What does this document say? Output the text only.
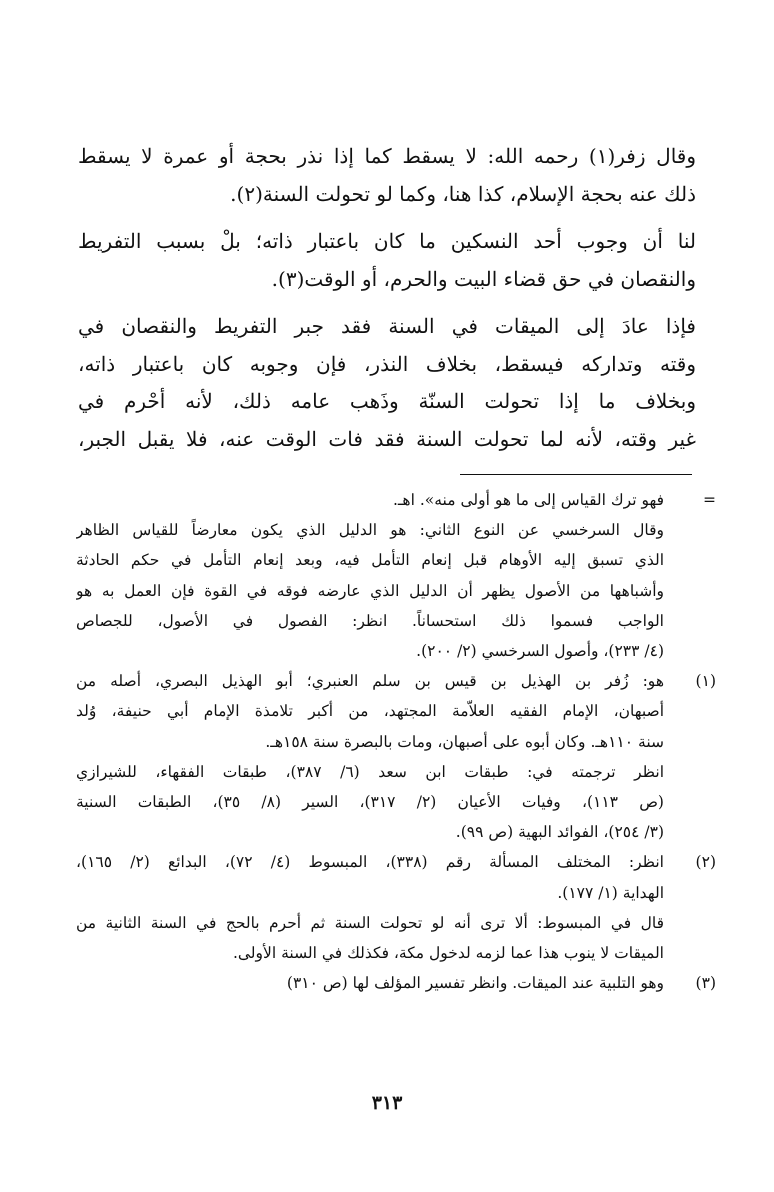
وقال زفر(١) رحمه الله: لا يسقط كما إذا نذر بحجة أو عمرة لا يسقط
ذلك عنه بحجة الإسلام، كذا هنا، وكما لو تحولت السنة(٢).

لنا أن وجوب أحد النسكين ما كان باعتبار ذاته؛ بلْ بسبب التفريط
والنقصان في حق قضاء البيت والحرم، أو الوقت(٣).

فإذا عادَ إلى الميقات في السنة فقد جبر التفريط والنقصان في
وقته وتداركه فيسقط، بخلاف النذر، فإن وجوبه كان باعتبار ذاته،
وبخلاف ما إذا تحولت السنّة وذَهب عامه ذلك، لأنه أحْرم في
غير وقته، لأنه لما تحولت السنة فقد فات الوقت عنه، فلا يقبل الجبر،

=
فهو ترك القياس إلى ما هو أولى منه». اهـ.
وقال السرخسي عن النوع الثاني: هو الدليل الذي يكون معارضاً للقياس الظاهر
الذي تسبق إليه الأوهام قبل إنعام التأمل فيه، وبعد إنعام التأمل في حكم الحادثة
وأشباهها من الأصول يظهر أن الدليل الذي عارضه فوقه في القوة فإن العمل به هو
الواجب فسموا ذلك استحساناً. انظر: الفصول في الأصول، للجصاص
(٤/ ٢٣٣)، وأصول السرخسي (٢/ ٢٠٠).
(١)
هو: زُفر بن الهذيل بن قيس بن سلم العنبري؛ أبو الهذيل البصري، أصله من
أصبهان، الإمام الفقيه العلاّمة المجتهد، من أكبر تلامذة الإمام أبي حنيفة، وُلد
سنة ١١٠هـ. وكان أبوه على أصبهان، ومات بالبصرة سنة ١٥٨هـ.
انظر ترجمته في: طبقات ابن سعد (٦/ ٣٨٧)، طبقات الفقهاء، للشيرازي
(ص ١١٣)، وفيات الأعيان (٢/ ٣١٧)، السير (٨/ ٣٥)، الطبقات السنية
(٣/ ٢٥٤)، الفوائد البهية (ص ٩٩).
(٢)
انظر: المختلف المسألة رقم (٣٣٨)، المبسوط (٤/ ٧٢)، البدائع (٢/ ١٦٥)،
الهداية (١/ ١٧٧).
قال في المبسوط: ألا ترى أنه لو تحولت السنة ثم أحرم بالحج في السنة الثانية من
الميقات لا ينوب هذا عما لزمه لدخول مكة، فكذلك في السنة الأولى.
(٣)
وهو التلبية عند الميقات. وانظر تفسير المؤلف لها (ص ٣١٠)
٣١٣
